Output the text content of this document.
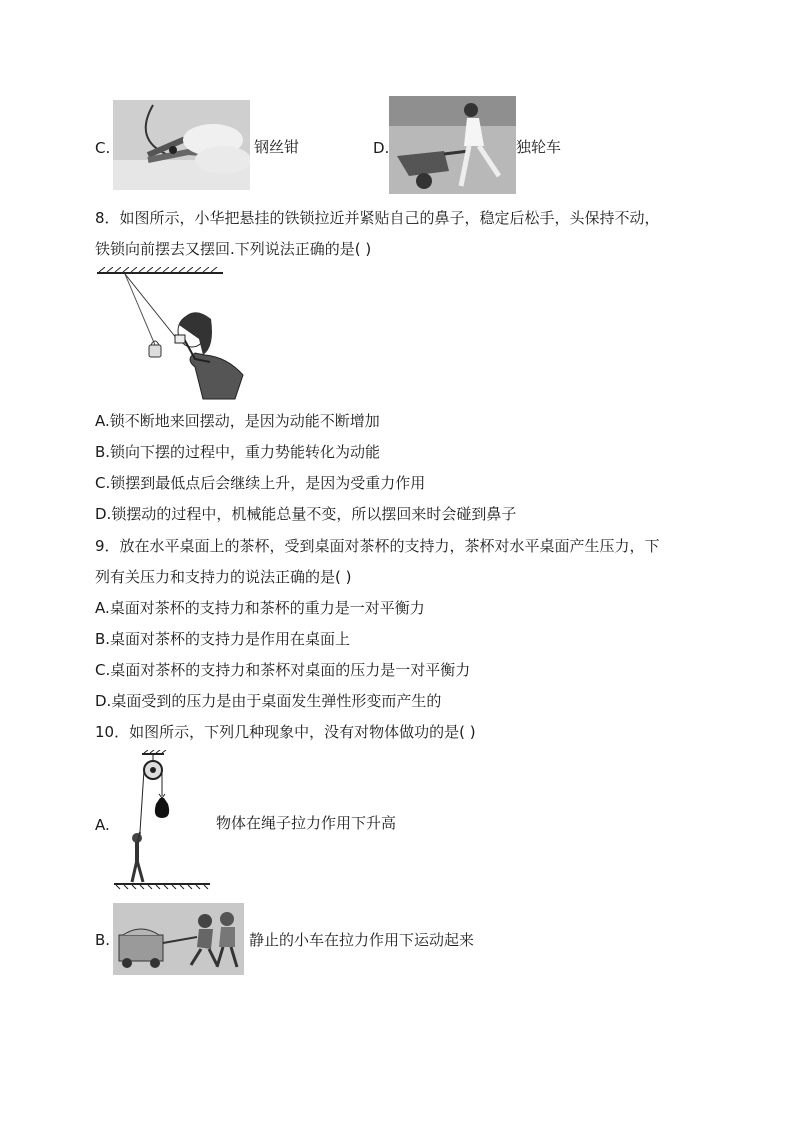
C.	钢丝钳	D.	独轮车
8．如图所示，小华把悬挂的铁锁拉近并紧贴自己的鼻子，稳定后松手，头保持不动，
铁锁向前摆去又摆回.下列说法正确的是( )
A.锁不断地来回摆动，是因为动能不断增加
B.锁向下摆的过程中，重力势能转化为动能
C.锁摆到最低点后会继续上升，是因为受重力作用
D.锁摆动的过程中，机械能总量不变，所以摆回来时会碰到鼻子
9．放在水平桌面上的茶杯，受到桌面对茶杯的支持力，茶杯对水平桌面产生压力，下
列有关压力和支持力的说法正确的是( )
A.桌面对茶杯的支持力和茶杯的重力是一对平衡力
B.桌面对茶杯的支持力是作用在桌面上
C.桌面对茶杯的支持力和茶杯对桌面的压力是一对平衡力
D.桌面受到的压力是由于桌面发生弹性形变而产生的
10．如图所示，下列几种现象中，没有对物体做功的是( )
A.	物体在绳子拉力作用下升高
B.	静止的小车在拉力作用下运动起来
